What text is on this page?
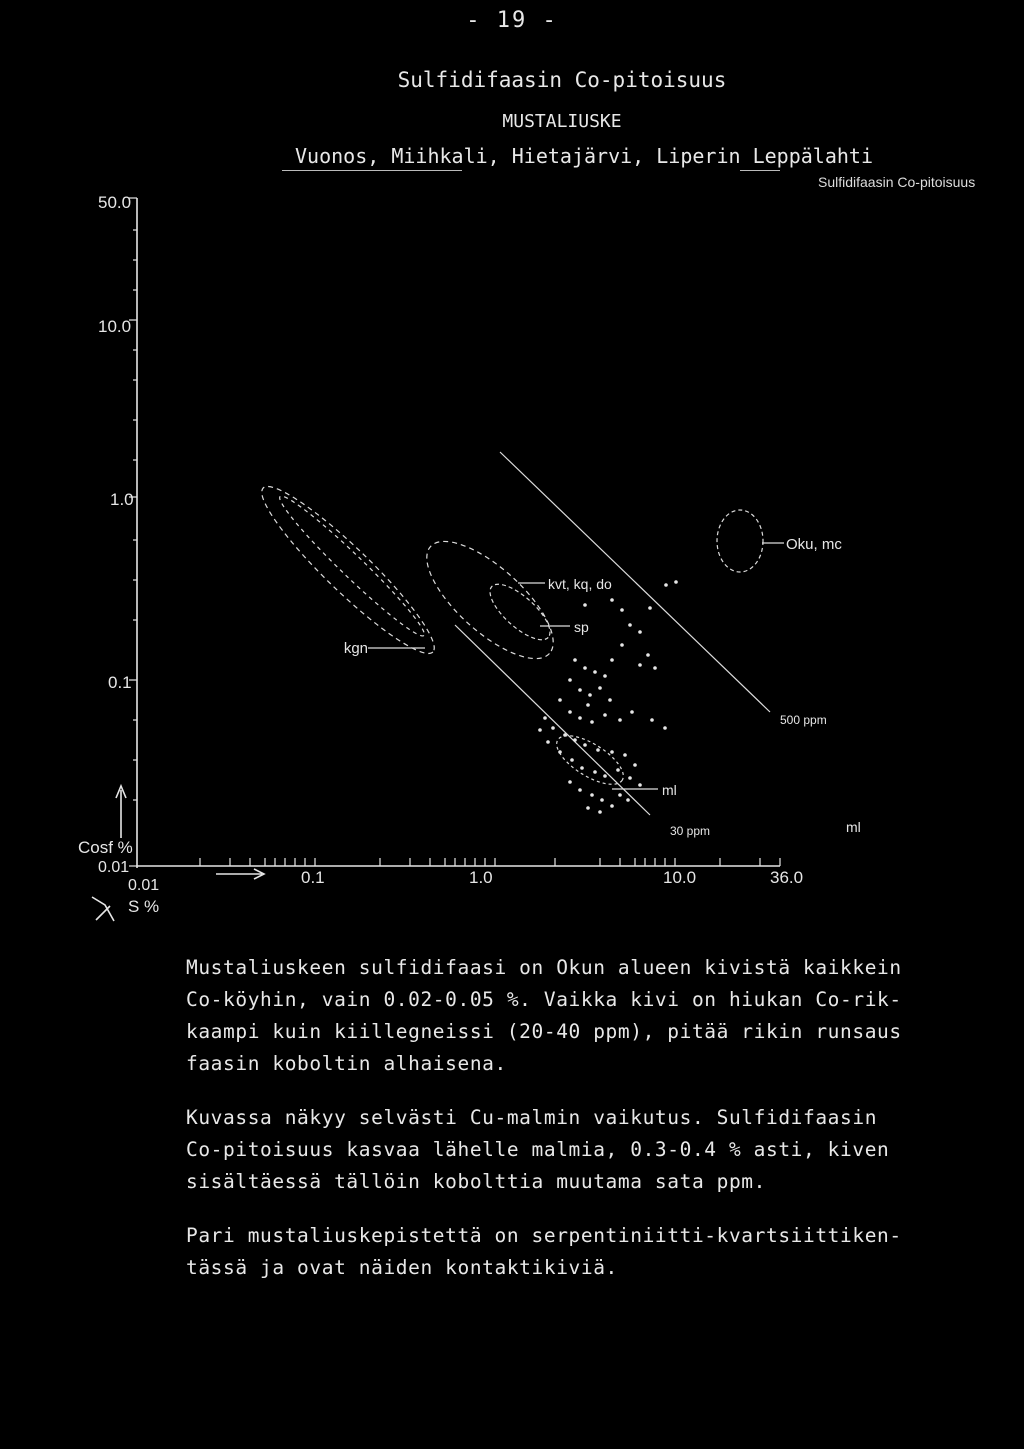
- 19 -
Sulfidifaasin Co-pitoisuus
MUSTALIUSKE
Vuonos, Miihkali, Hietajärvi, Liperin Leppälahti
Sulfidifaasin Co-pitoisuus
50.0
10.0
1.0
0.1
0.01
Cosf %
0.01	0.1	1.0	10.0	36.0
S %
Oku, mc
kvt, kq, do
sp
kgn
500 ppm
ml
30 ppm	ml
Mustaliuskeen sulfidifaasi on Okun alueen kivistä kaikkein
Co-köyhin, vain 0.02-0.05 %. Vaikka kivi on hiukan Co-rik-
kaampi kuin kiillegneissi (20-40 ppm), pitää rikin runsaus
faasin koboltin alhaisena.
Kuvassa näkyy selvästi Cu-malmin vaikutus. Sulfidifaasin
Co-pitoisuus kasvaa lähelle malmia, 0.3-0.4 % asti, kiven
sisältäessä tällöin kobolttia muutama sata ppm.
Pari mustaliuskepistettä on serpentiniitti-kvartsiittiken-
tässä ja ovat näiden kontaktikiviä.
